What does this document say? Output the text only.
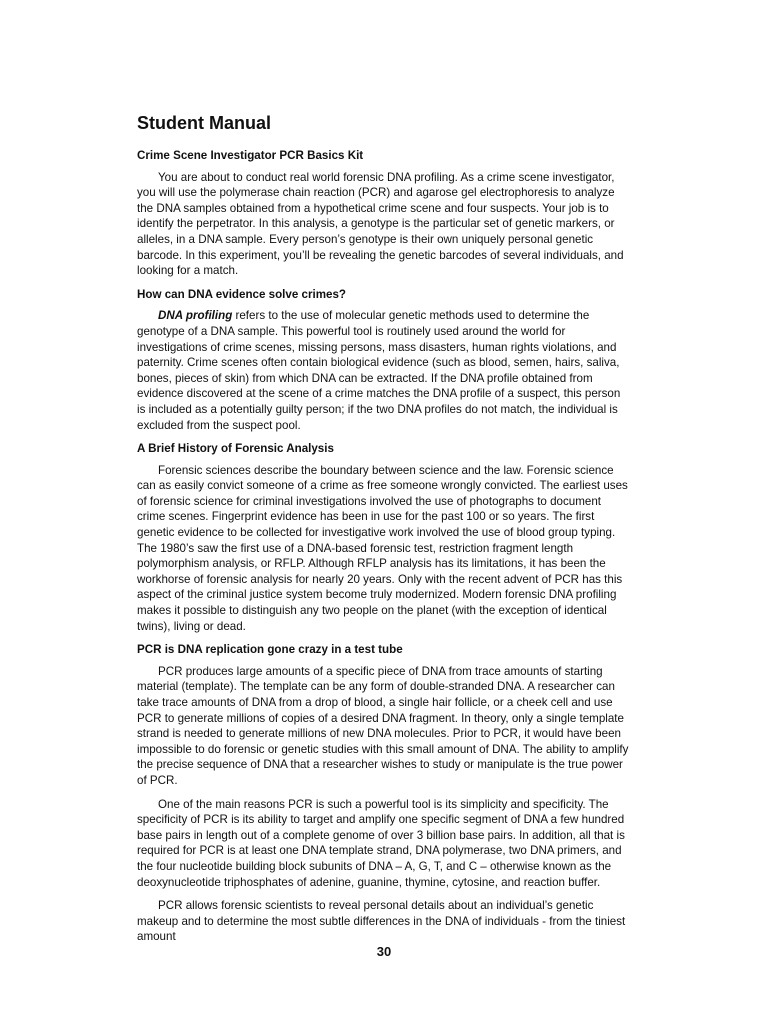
Student Manual
Crime Scene Investigator PCR Basics Kit

You are about to conduct real world forensic DNA profiling. As a crime scene investigator, you will use the polymerase chain reaction (PCR) and agarose gel electrophoresis to analyze the DNA samples obtained from a hypothetical crime scene and four suspects. Your job is to identify the perpetrator. In this analysis, a genotype is the particular set of genetic markers, or alleles, in a DNA sample. Every person’s genotype is their own uniquely personal genetic barcode. In this experiment, you’ll be revealing the genetic barcodes of several individuals, and looking for a match.

How can DNA evidence solve crimes?

DNA profiling refers to the use of molecular genetic methods used to determine the genotype of a DNA sample. This powerful tool is routinely used around the world for investigations of crime scenes, missing persons, mass disasters, human rights violations, and paternity. Crime scenes often contain biological evidence (such as blood, semen, hairs, saliva, bones, pieces of skin) from which DNA can be extracted. If the DNA profile obtained from evidence discovered at the scene of a crime matches the DNA profile of a suspect, this person is included as a potentially guilty person; if the two DNA profiles do not match, the individual is excluded from the suspect pool.

A Brief History of Forensic Analysis

Forensic sciences describe the boundary between science and the law. Forensic science can as easily convict someone of a crime as free someone wrongly convicted. The earliest uses of forensic science for criminal investigations involved the use of photographs to document crime scenes. Fingerprint evidence has been in use for the past 100 or so years. The first genetic evidence to be collected for investigative work involved the use of blood group typing. The 1980’s saw the first use of a DNA-based forensic test, restriction fragment length polymorphism analysis, or RFLP. Although RFLP analysis has its limitations, it has been the workhorse of forensic analysis for nearly 20 years. Only with the recent advent of PCR has this aspect of the criminal justice system become truly modernized. Modern forensic DNA profiling makes it possible to distinguish any two people on the planet (with the exception of identical twins), living or dead.

PCR is DNA replication gone crazy in a test tube

PCR produces large amounts of a specific piece of DNA from trace amounts of starting material (template). The template can be any form of double-stranded DNA. A researcher can take trace amounts of DNA from a drop of blood, a single hair follicle, or a cheek cell and use PCR to generate millions of copies of a desired DNA fragment. In theory, only a single template strand is needed to generate millions of new DNA molecules. Prior to PCR, it would have been impossible to do forensic or genetic studies with this small amount of DNA. The ability to amplify the precise sequence of DNA that a researcher wishes to study or manipulate is the true power of PCR.

One of the main reasons PCR is such a powerful tool is its simplicity and specificity. The specificity of PCR is its ability to target and amplify one specific segment of DNA a few hundred base pairs in length out of a complete genome of over 3 billion base pairs. In addition, all that is required for PCR is at least one DNA template strand, DNA polymerase, two DNA primers, and the four nucleotide building block subunits of DNA – A, G, T, and C – otherwise known as the deoxynucleotide triphosphates of adenine, guanine, thymine, cytosine, and reaction buffer.

PCR allows forensic scientists to reveal personal details about an individual’s genetic makeup and to determine the most subtle differences in the DNA of individuals - from the tiniest amount

30
